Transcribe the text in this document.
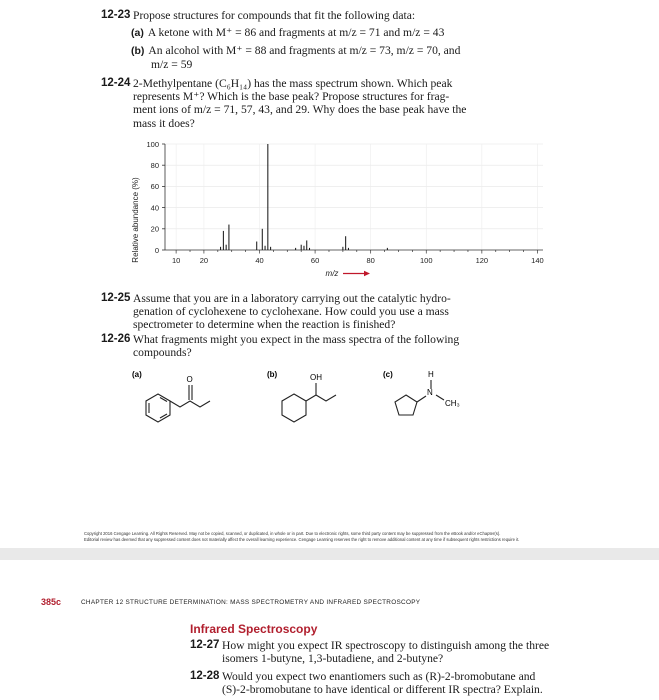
12-23 Propose structures for compounds that fit the following data:
(a) A ketone with M⁺ = 86 and fragments at m/z = 71 and m/z = 43
(b) An alcohol with M⁺ = 88 and fragments at m/z = 73, m/z = 70, and
m/z = 59
12-24 2-Methylpentane (C₆H₁₄) has the mass spectrum shown. Which peak
represents M⁺? Which is the base peak? Propose structures for frag-
ment ions of m/z = 71, 57, 43, and 29. Why does the base peak have the
mass it does?
Relative abundance (%) 0
20
40
60
80
100
10	20	40	60	80	100	120	140
m/z
12-25 Assume that you are in a laboratory carrying out the catalytic hydro-
genation of cyclohexene to cyclohexane. How could you use a mass
spectrometer to determine when the reaction is finished?
12-26 What fragments might you expect in the mass spectra of the following
compounds?
(a)
O
(b)	OH	(c)	H
N
CH₃
Copyright 2016 Cengage Learning. All Rights Reserved. May not be copied, scanned, or duplicated, in whole or in part. Due to electronic rights, some third party content may be suppressed from the eBook and/or eChapter(s).
Editorial review has deemed that any suppressed content does not materially affect the overall learning experience. Cengage Learning reserves the right to remove additional content at any time if subsequent rights restrictions require it.
385c	CHAPTER 12 STRUCTURE DETERMINATION: MASS SPECTROMETRY AND INFRARED SPECTROSCOPY
Infrared Spectroscopy
12-27 How might you expect IR spectroscopy to distinguish among the three
isomers 1-butyne, 1,3-butadiene, and 2-butyne?
12-28 Would you expect two enantiomers such as (R)-2-bromobutane and
(S)-2-bromobutane to have identical or different IR spectra? Explain.
